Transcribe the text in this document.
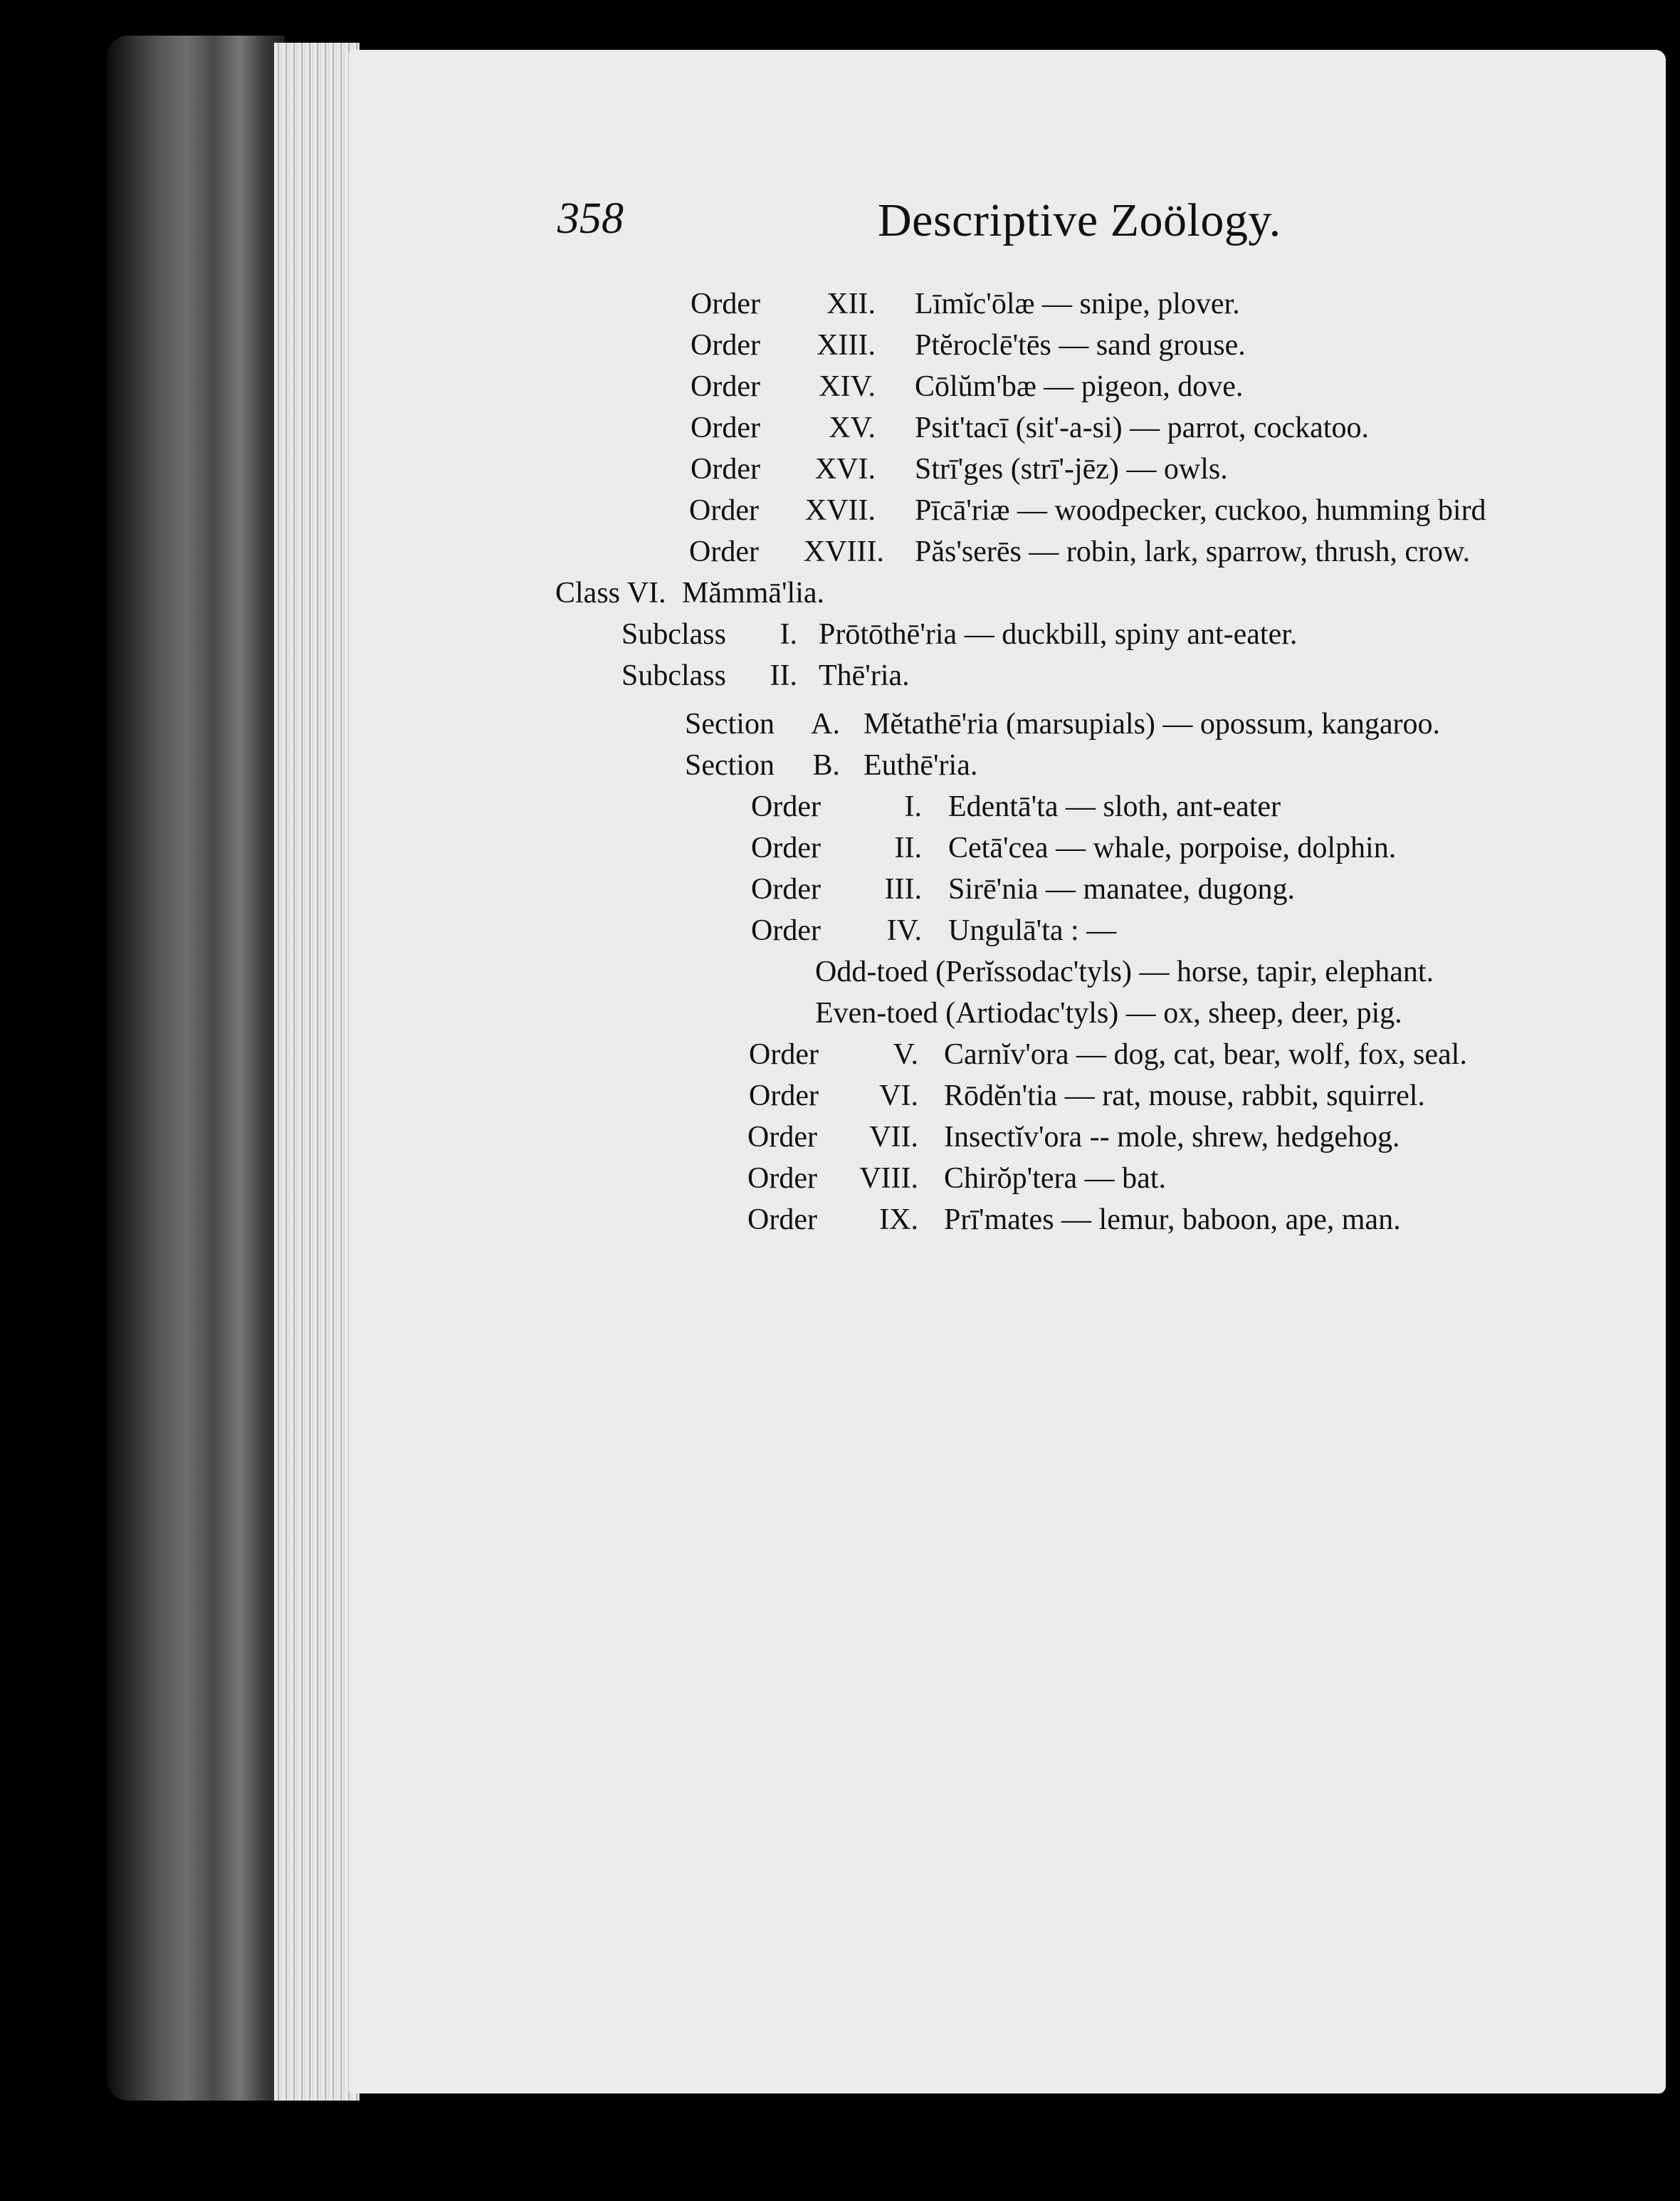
358	Descriptive Zoölogy.
Order	XII. Līmĭc'ōlæ — snipe, plover.
Order	XIII. Ptĕroclē'tēs — sand grouse.
Order	XIV. Cōlŭm'bæ — pigeon, dove.
Order	XV. Psit'tacī (sit'-a-si) — parrot, cockatoo.
Order	XVI. Strī'ges (strī'-jēz) — owls.
Order	XVII. Pīcā'riæ — woodpecker, cuckoo, humming bird
Order	XVIII. Păs'serēs — robin, lark, sparrow, thrush, crow.
Class VI. Mămmā'lia.
Subclass	I. Prōtōthē'ria — duckbill, spiny ant-eater.
Subclass	II. Thē'ria.
Section	A. Mĕtathē'ria (marsupials) — opossum, kangaroo.
Section	B. Euthē'ria.
Order	I. Edentā'ta — sloth, ant-eater
Order	II. Cetā'cea — whale, porpoise, dolphin.
Order	III. Sirē'nia — manatee, dugong.
Order	IV. Ungulā'ta : —
Odd-toed (Perĭssodac'tyls) — horse, tapir, elephant.
Even-toed (Artiodac'tyls) — ox, sheep, deer, pig.
Order	V. Carnĭv'ora — dog, cat, bear, wolf, fox, seal.
Order	VI. Rōdĕn'tia — rat, mouse, rabbit, squirrel.
Order	VII. Insectĭv'ora -- mole, shrew, hedgehog.
Order	VIII. Chirŏp'tera — bat.
Order	IX. Prī'mates — lemur, baboon, ape, man.
